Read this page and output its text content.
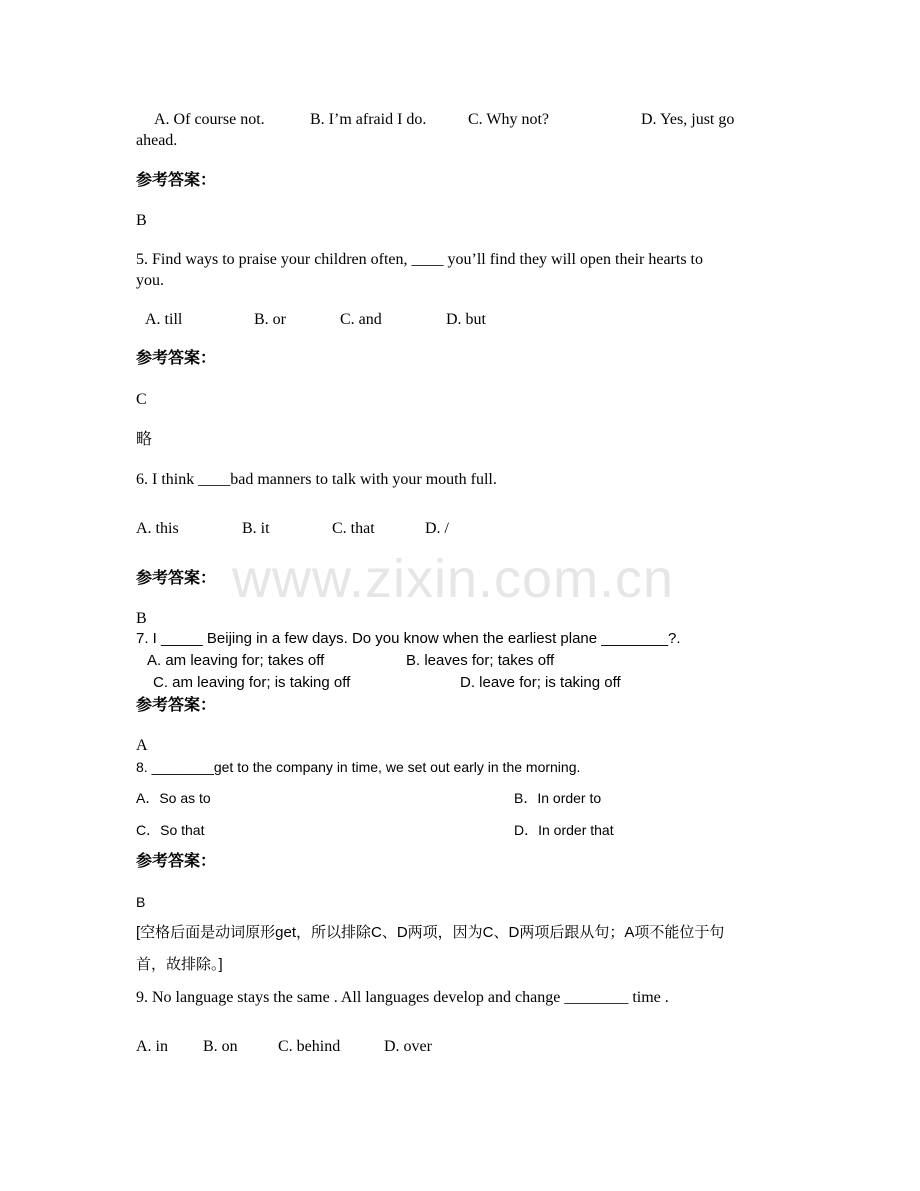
www.zixin.com.cn
A. Of course not.	B. I’m afraid I do.	C. Why not?	D. Yes, just go
ahead.
参考答案：
B
5. Find ways to praise your children often, ____ you’ll find they will open their hearts to
you.
A. till	B. or	C. and	D. but
参考答案：
C
略
6. I think ____bad manners to talk with your mouth full.
A. this	B. it	C. that	D. /
参考答案：
B
7. I _____ Beijing in a few days. Do you know when the earliest plane ________?.
A. am leaving for; takes off	B. leaves for; takes off
C. am leaving for; is taking off	D. leave for; is taking off
参考答案：
A
8. ________get to the company in time, we set out early in the morning.
A．So as to	B．In order to
C．So that	D．In order that
参考答案：
B
[空格后面是动词原形get，所以排除C、D两项，因为C、D两项后跟从句；A项不能位于句
首，故排除。]
9. No language stays the same . All languages develop and change ________ time .
A. in B. on	C. behind	D. over
